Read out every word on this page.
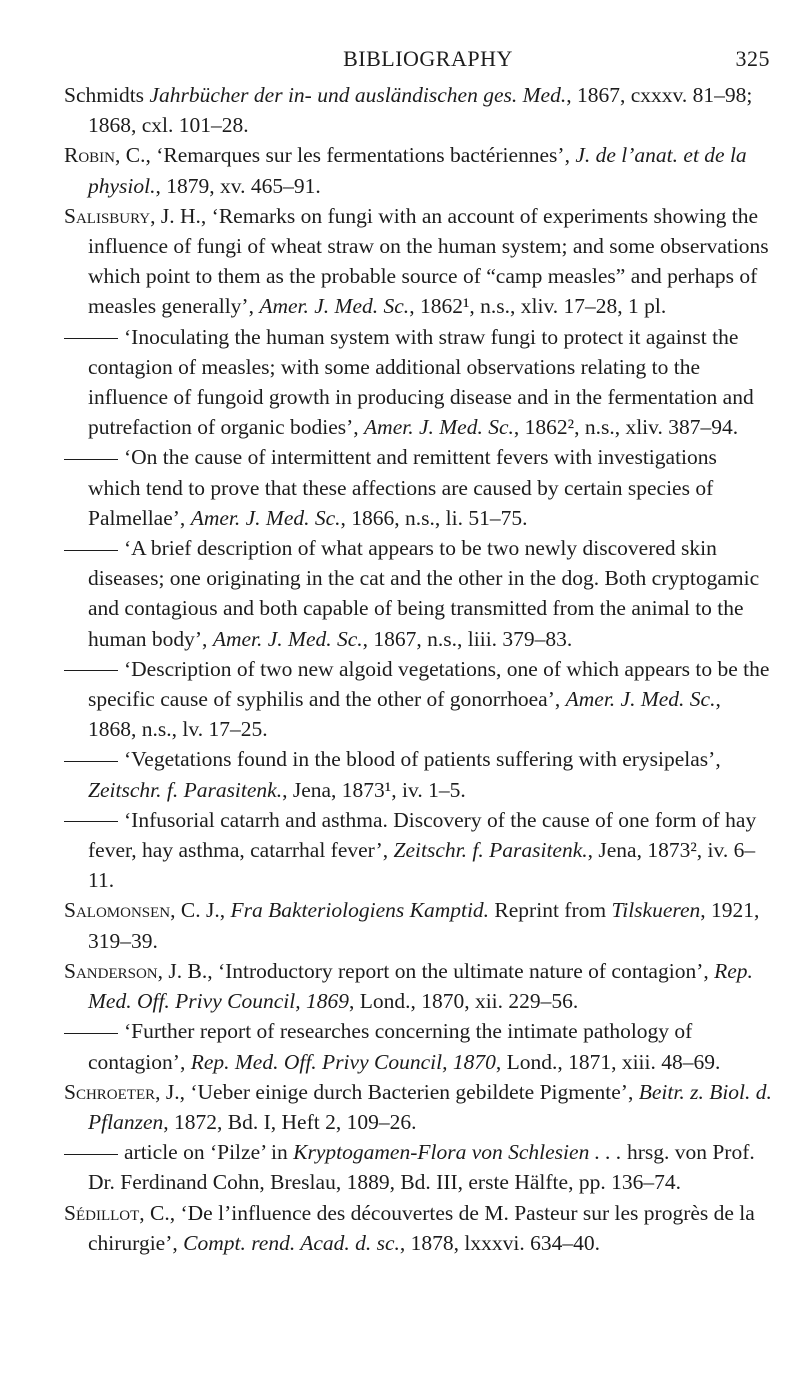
BIBLIOGRAPHY	325

Schmidts Jahrbücher der in- und ausländischen ges. Med., 1867, cxxxv. 81–98; 1868, cxl. 101–28.

Robin, C., ‘Remarques sur les fermentations bactériennes’, J. de l’anat. et de la physiol., 1879, xv. 465–91.

Salisbury, J. H., ‘Remarks on fungi with an account of experiments showing the influence of fungi of wheat straw on the human system; and some observations which point to them as the probable source of “camp measles” and perhaps of measles generally’, Amer. J. Med. Sc., 1862¹, n.s., xliv. 17–28, 1 pl.

‘Inoculating the human system with straw fungi to protect it against the contagion of measles; with some additional observations relating to the influence of fungoid growth in producing disease and in the fermentation and putrefaction of organic bodies’, Amer. J. Med. Sc., 1862², n.s., xliv. 387–94.

‘On the cause of intermittent and remittent fevers with investigations which tend to prove that these affections are caused by certain species of Palmellae’, Amer. J. Med. Sc., 1866, n.s., li. 51–75.

‘A brief description of what appears to be two newly discovered skin diseases; one originating in the cat and the other in the dog. Both cryptogamic and contagious and both capable of being transmitted from the animal to the human body’, Amer. J. Med. Sc., 1867, n.s., liii. 379–83.

‘Description of two new algoid vegetations, one of which appears to be the specific cause of syphilis and the other of gonorrhoea’, Amer. J. Med. Sc., 1868, n.s., lv. 17–25.

‘Vegetations found in the blood of patients suffering with erysipelas’, Zeitschr. f. Parasitenk., Jena, 1873¹, iv. 1–5.

‘Infusorial catarrh and asthma. Discovery of the cause of one form of hay fever, hay asthma, catarrhal fever’, Zeitschr. f. Parasitenk., Jena, 1873², iv. 6–11.

Salomonsen, C. J., Fra Bakteriologiens Kamptid. Reprint from Tilskueren, 1921, 319–39.

Sanderson, J. B., ‘Introductory report on the ultimate nature of contagion’, Rep. Med. Off. Privy Council, 1869, Lond., 1870, xii. 229–56.

‘Further report of researches concerning the intimate pathology of contagion’, Rep. Med. Off. Privy Council, 1870, Lond., 1871, xiii. 48–69.

Schroeter, J., ‘Ueber einige durch Bacterien gebildete Pigmente’, Beitr. z. Biol. d. Pflanzen, 1872, Bd. I, Heft 2, 109–26.

article on ‘Pilze’ in Kryptogamen-Flora von Schlesien . . . hrsg. von Prof. Dr. Ferdinand Cohn, Breslau, 1889, Bd. III, erste Hälfte, pp. 136–74.

Sédillot, C., ‘De l’influence des découvertes de M. Pasteur sur les progrès de la chirurgie’, Compt. rend. Acad. d. sc., 1878, lxxxvi. 634–40.
